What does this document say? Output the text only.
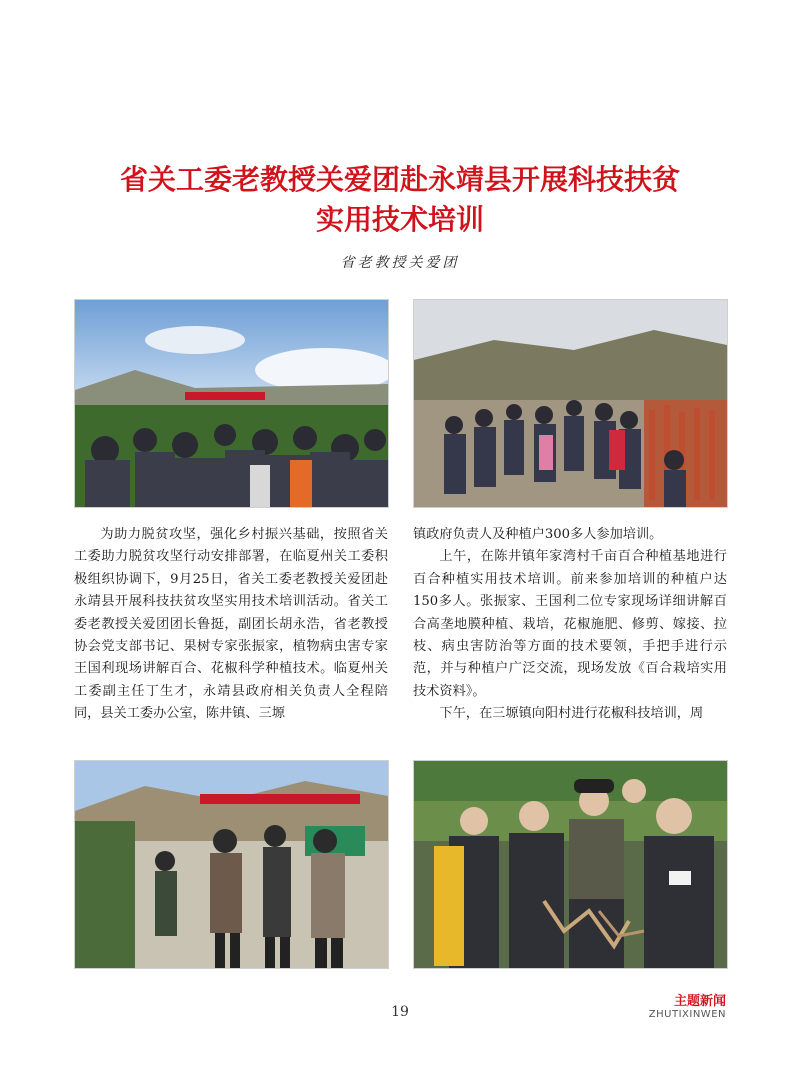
省关工委老教授关爱团赴永靖县开展科技扶贫
实用技术培训
省老教授关爱团

为助力脱贫攻坚，强化乡村振兴基础，按照省关工委助力脱贫攻坚行动安排部署，在临夏州关工委积极组织协调下，9月25日，省关工委老教授关爱团赴永靖县开展科技扶贫攻坚实用技术培训活动。省关工委老教授关爱团团长鲁挺，副团长胡永浩，省老教授协会党支部书记、果树专家张振家，植物病虫害专家王国利现场讲解百合、花椒科学种植技术。临夏州关工委副主任丁生才，永靖县政府相关负责人全程陪同，县关工委办公室，陈井镇、三塬

镇政府负责人及种植户300多人参加培训。

上午，在陈井镇年家湾村千亩百合种植基地进行百合种植实用技术培训。前来参加培训的种植户达150多人。张振家、王国利二位专家现场详细讲解百合高垄地膜种植、栽培，花椒施肥、修剪、嫁接、拉枝、病虫害防治等方面的技术要领，手把手进行示范，并与种植户广泛交流，现场发放《百合栽培实用技术资料》。

下午，在三塬镇向阳村进行花椒科技培训，周

19
主题新闻
ZHUTIXINWEN
